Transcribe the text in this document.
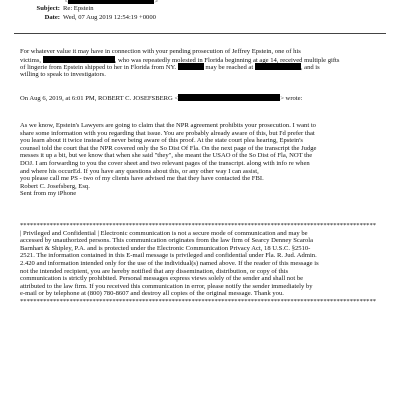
<	>
Subject: Re: Epstein
Date: Wed, 07 Aug 2019 12:54:19 +0000
For whatever value it may have in connection with your pending prosecution of Jeffrey Epstein, one of his
victims,	, who was repeatedly molested in Florida beginning at age 14, received multiple gifts
of lingerie from Epstein shipped to her in Florida from NY.	may be reached at	, and is
willing to speak to investigators.
On Aug 6, 2019, at 6:01 PM, ROBERT C. JOSEFSBERG <	> wrote:
As we know, Epstein's Lawyers are going to claim that the NPR agreement prohibits your prosecution. I want to
share some information with you regarding that issue. You are probably already aware of this, but I'd prefer that
you learn about it twice instead of never being aware of this proof. At the state court plea hearing, Epstein's
counsel told the court that the NPR covered only the So Dist Of Fla. On the next page of the transcript the Judge
messes it up a bit, but we know that when she said "they", she meant the USAO of the So Dist of Fla, NOT the
DOJ. I am forwarding to you the cover sheet and two relevant pages of the transcript. along with info re when
and where his occurEd. If you have any questions about this, or any other way I can assist,
you please call me PS - two of my clients have advised me that they have contacted the FBI.
Robert C. Josefsberg, Esq.
Sent from my iPhone
************************************************************************************************************
| Privileged and Confidential | Electronic communication is not a secure mode of communication and may be
accessed by unauthorized persons. This communication originates from the law firm of Searcy Denney Scarola
Barnhart & Shipley, P.A. and is protected under the Electronic Communication Privacy Act, 18 U.S.C. §2510-
2521. The information contained in this E-mail message is privileged and confidential under Fla. R. Jud. Admin.
2.420 and information intended only for the use of the individual(s) named above. If the reader of this message is
not the intended recipient, you are hereby notified that any dissemination, distribution, or copy of this
communication is strictly prohibited. Personal messages express views solely of the sender and shall not be
attributed to the law firm. If you received this communication in error, please notify the sender immediately by
e-mail or by telephone at (800) 780-8607 and destroy all copies of the original message. Thank you.
************************************************************************************************************
